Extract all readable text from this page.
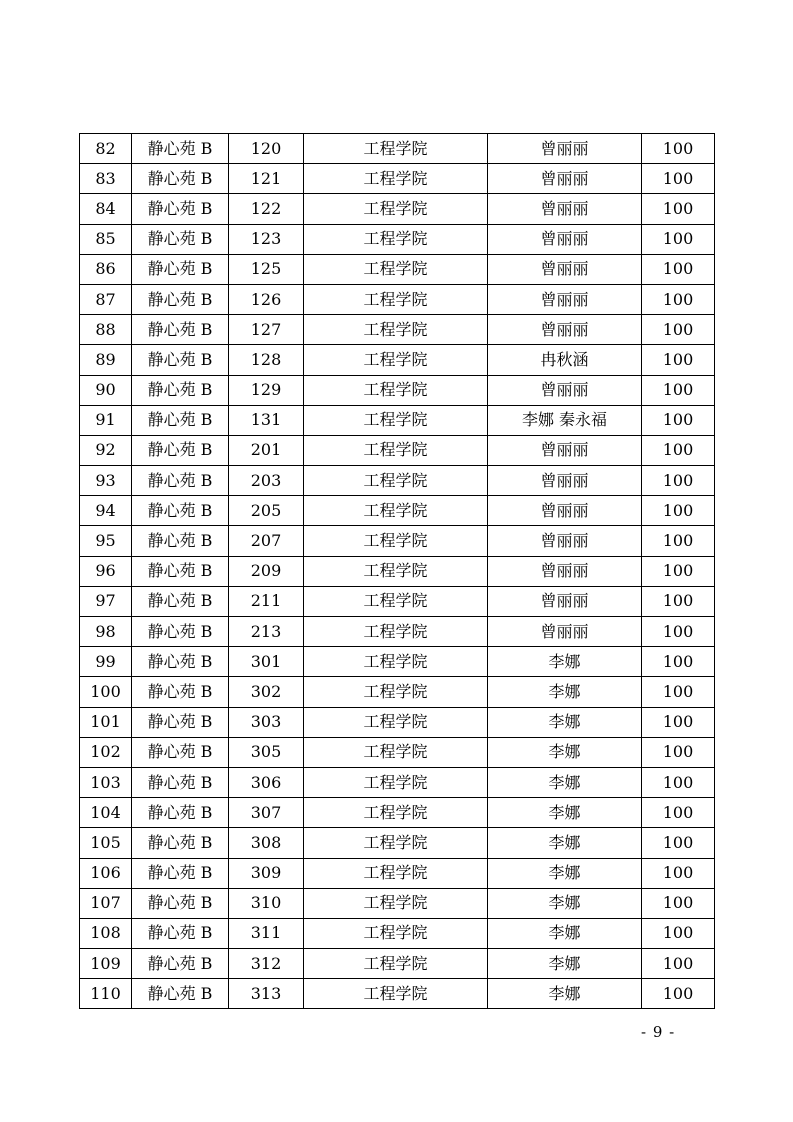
82	静心苑 B	120	工程学院	曾丽丽	100
83	静心苑 B	121	工程学院	曾丽丽	100
84	静心苑 B	122	工程学院	曾丽丽	100
85	静心苑 B	123	工程学院	曾丽丽	100
86	静心苑 B	125	工程学院	曾丽丽	100
87	静心苑 B	126	工程学院	曾丽丽	100
88	静心苑 B	127	工程学院	曾丽丽	100
89	静心苑 B	128	工程学院	冉秋涵	100
90	静心苑 B	129	工程学院	曾丽丽	100
91	静心苑 B	131	工程学院	李娜 秦永福	100
92	静心苑 B	201	工程学院	曾丽丽	100
93	静心苑 B	203	工程学院	曾丽丽	100
94	静心苑 B	205	工程学院	曾丽丽	100
95	静心苑 B	207	工程学院	曾丽丽	100
96	静心苑 B	209	工程学院	曾丽丽	100
97	静心苑 B	211	工程学院	曾丽丽	100
98	静心苑 B	213	工程学院	曾丽丽	100
99	静心苑 B	301	工程学院	李娜	100
100	静心苑 B	302	工程学院	李娜	100
101	静心苑 B	303	工程学院	李娜	100
102	静心苑 B	305	工程学院	李娜	100
103	静心苑 B	306	工程学院	李娜	100
104	静心苑 B	307	工程学院	李娜	100
105	静心苑 B	308	工程学院	李娜	100
106	静心苑 B	309	工程学院	李娜	100
107	静心苑 B	310	工程学院	李娜	100
108	静心苑 B	311	工程学院	李娜	100
109	静心苑 B	312	工程学院	李娜	100
110	静心苑 B	313	工程学院	李娜	100
- 9 -
